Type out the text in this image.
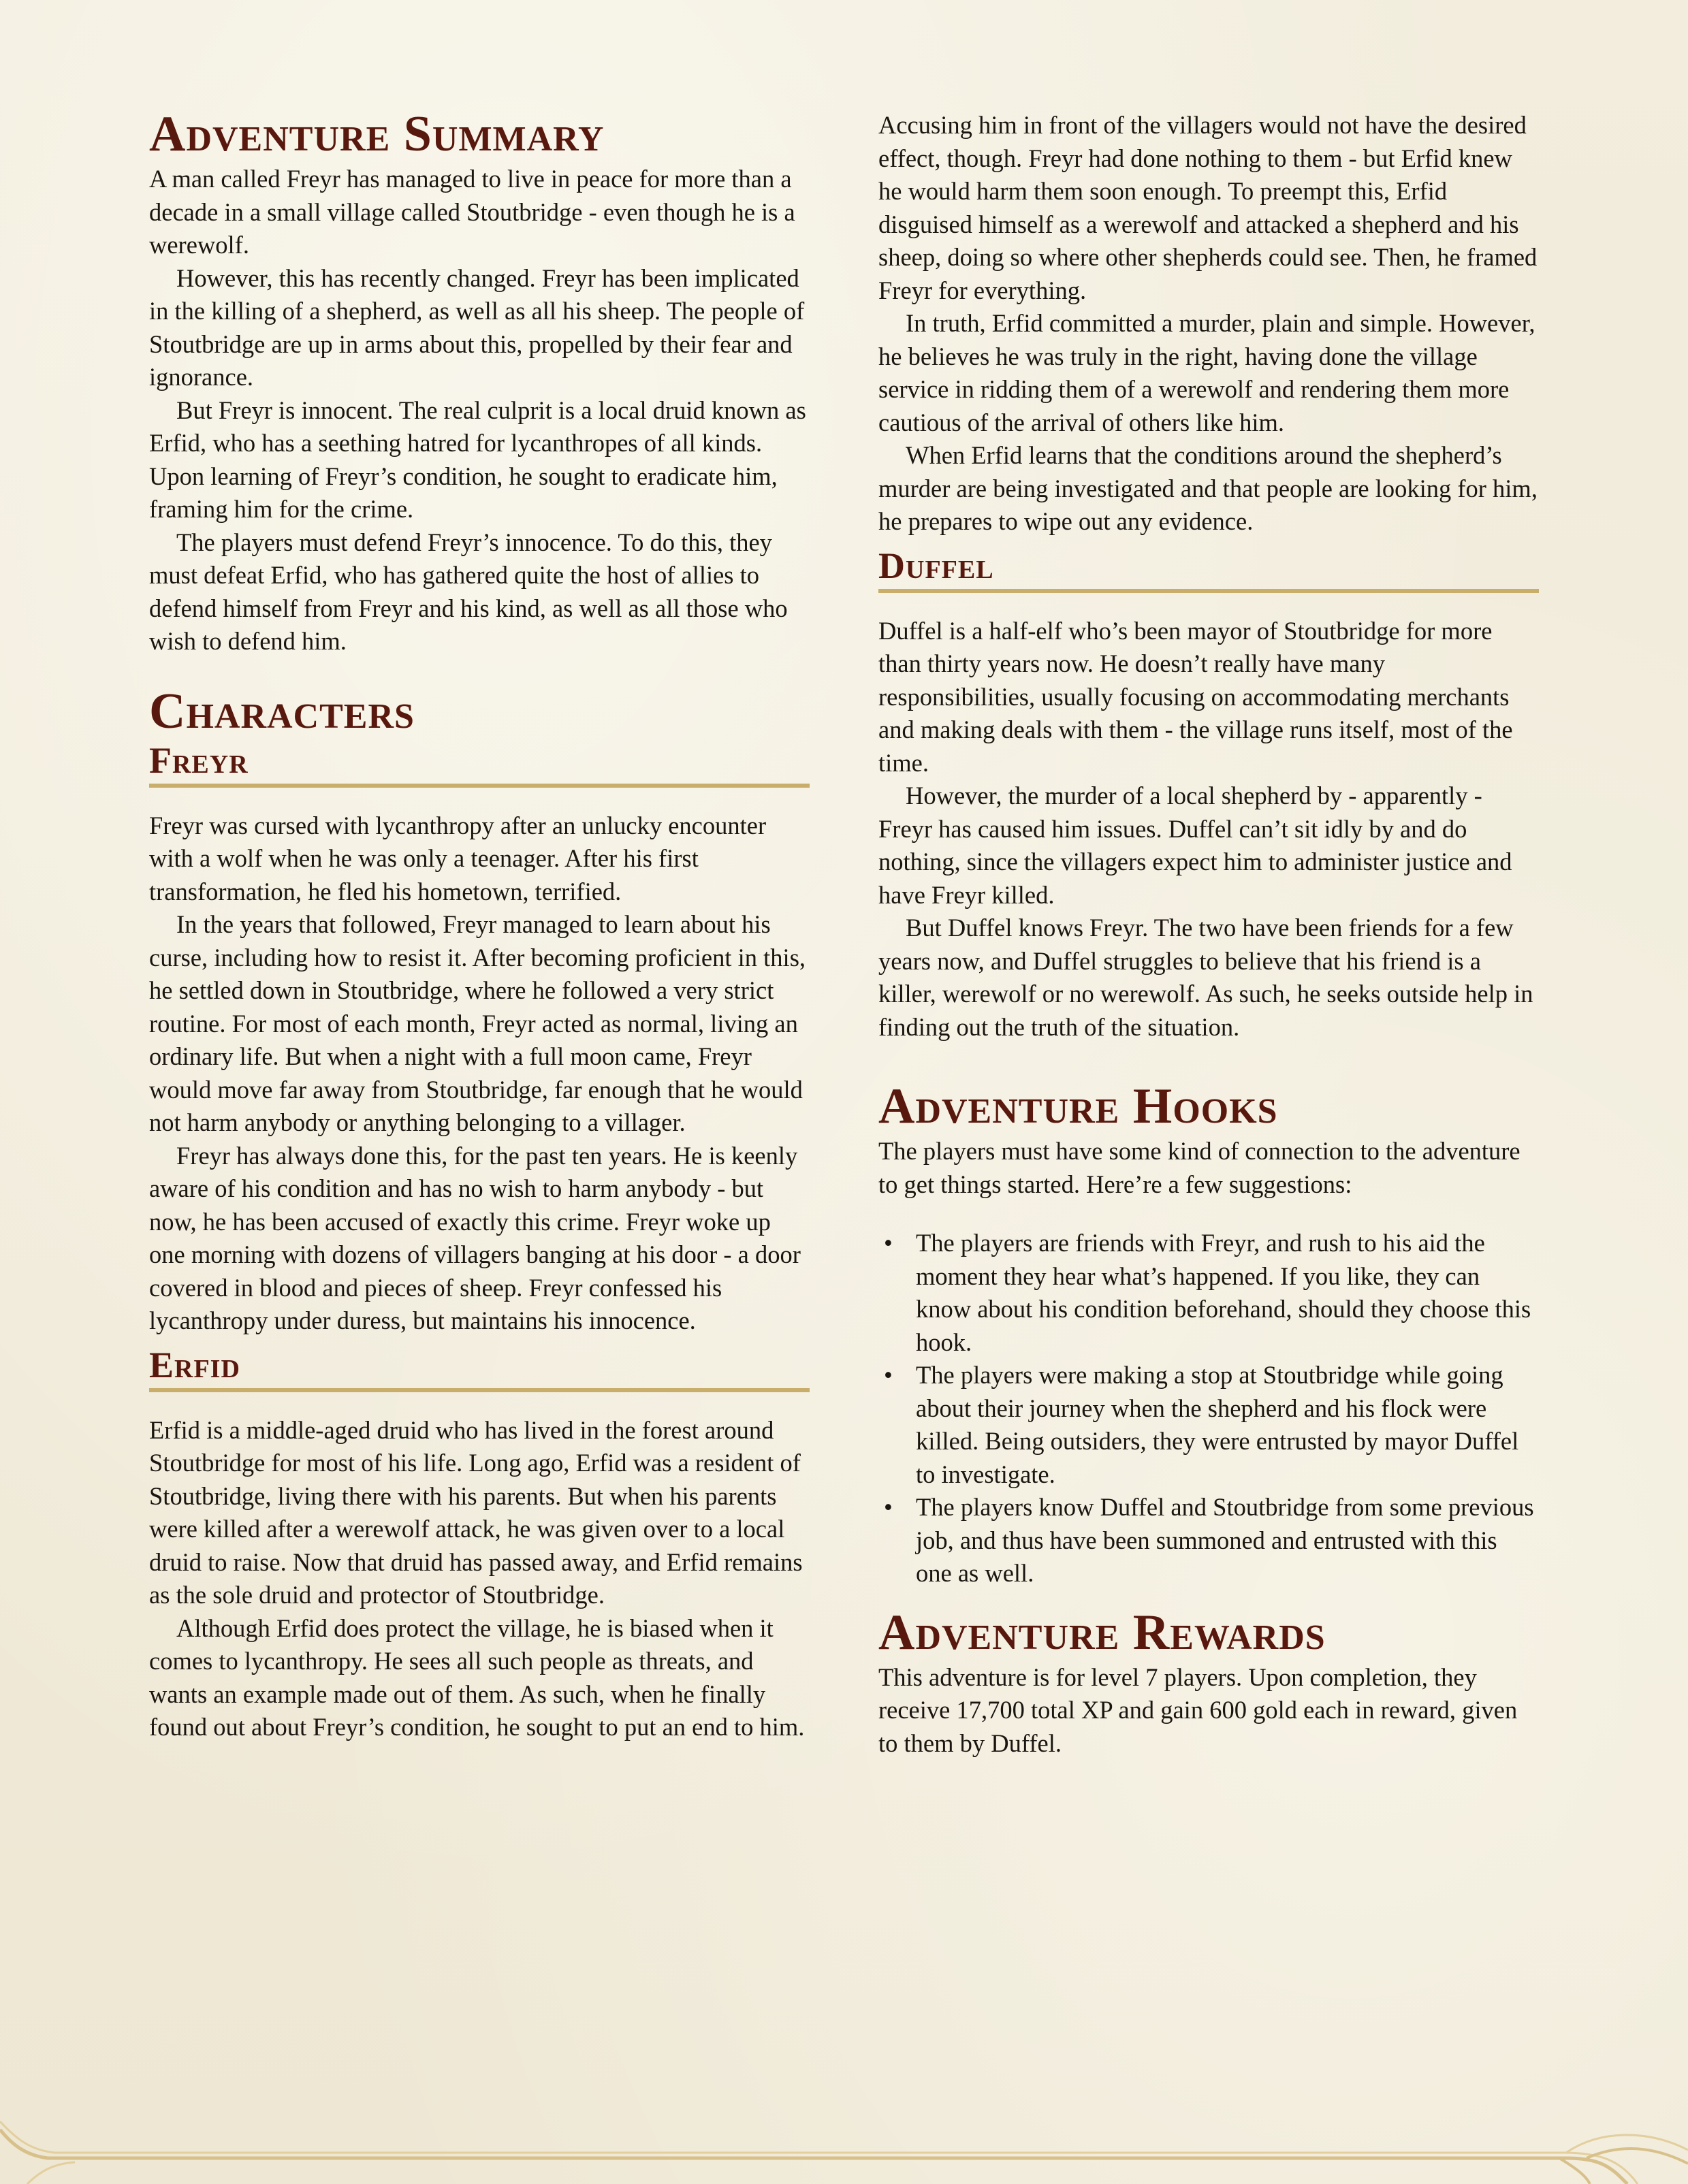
Adventure Summary

A man called Freyr has managed to live in peace for more than a decade in a small village called Stoutbridge - even though he is a werewolf.

However, this has recently changed. Freyr has been implicated in the killing of a shepherd, as well as all his sheep. The people of Stoutbridge are up in arms about this, propelled by their fear and ignorance.

But Freyr is innocent. The real culprit is a local druid known as Erfid, who has a seething hatred for lycanthropes of all kinds. Upon learning of Freyr’s condition, he sought to eradicate him, framing him for the crime.

The players must defend Freyr’s innocence. To do this, they must defeat Erfid, who has gathered quite the host of allies to defend himself from Freyr and his kind, as well as all those who wish to defend him.

Characters
Freyr

Freyr was cursed with lycanthropy after an unlucky encounter with a wolf when he was only a teenager. After his first transformation, he fled his hometown, terrified.

In the years that followed, Freyr managed to learn about his curse, including how to resist it. After becoming proficient in this, he settled down in Stoutbridge, where he followed a very strict routine. For most of each month, Freyr acted as normal, living an ordinary life. But when a night with a full moon came, Freyr would move far away from Stoutbridge, far enough that he would not harm anybody or anything belonging to a villager.

Freyr has always done this, for the past ten years. He is keenly aware of his condition and has no wish to harm anybody - but now, he has been accused of exactly this crime. Freyr woke up one morning with dozens of villagers banging at his door - a door covered in blood and pieces of sheep. Freyr confessed his lycanthropy under duress, but maintains his innocence.

Erfid

Erfid is a middle-aged druid who has lived in the forest around Stoutbridge for most of his life. Long ago, Erfid was a resident of Stoutbridge, living there with his parents. But when his parents were killed after a werewolf attack, he was given over to a local druid to raise. Now that druid has passed away, and Erfid remains as the sole druid and protector of Stoutbridge.

Although Erfid does protect the village, he is biased when it comes to lycanthropy. He sees all such people as threats, and wants an example made out of them. As such, when he finally found out about Freyr’s condition, he sought to put an end to him.

Accusing him in front of the villagers would not have the desired effect, though. Freyr had done nothing to them - but Erfid knew he would harm them soon enough. To preempt this, Erfid disguised himself as a werewolf and attacked a shepherd and his sheep, doing so where other shepherds could see. Then, he framed Freyr for everything.

In truth, Erfid committed a murder, plain and simple. However, he believes he was truly in the right, having done the village service in ridding them of a werewolf and rendering them more cautious of the arrival of others like him.

When Erfid learns that the conditions around the shepherd’s murder are being investigated and that people are looking for him, he prepares to wipe out any evidence.

Duffel

Duffel is a half-elf who’s been mayor of Stoutbridge for more than thirty years now. He doesn’t really have many responsibilities, usually focusing on accommodating merchants and making deals with them - the village runs itself, most of the time.

However, the murder of a local shepherd by - apparently - Freyr has caused him issues. Duffel can’t sit idly by and do nothing, since the villagers expect him to administer justice and have Freyr killed.

But Duffel knows Freyr. The two have been friends for a few years now, and Duffel struggles to believe that his friend is a killer, werewolf or no werewolf. As such, he seeks outside help in finding out the truth of the situation.

Adventure Hooks

The players must have some kind of connection to the adventure to get things started. Here’re a few suggestions:

• The players are friends with Freyr, and rush to his aid the moment they hear what’s happened. If you like, they can know about his condition beforehand, should they choose this hook.
• The players were making a stop at Stoutbridge while going about their journey when the shepherd and his flock were killed. Being outsiders, they were entrusted by mayor Duffel to investigate.
• The players know Duffel and Stoutbridge from some previous job, and thus have been summoned and entrusted with this one as well.
Adventure Rewards

This adventure is for level 7 players. Upon completion, they receive 17,700 total XP and gain 600 gold each in reward, given to them by Duffel.
